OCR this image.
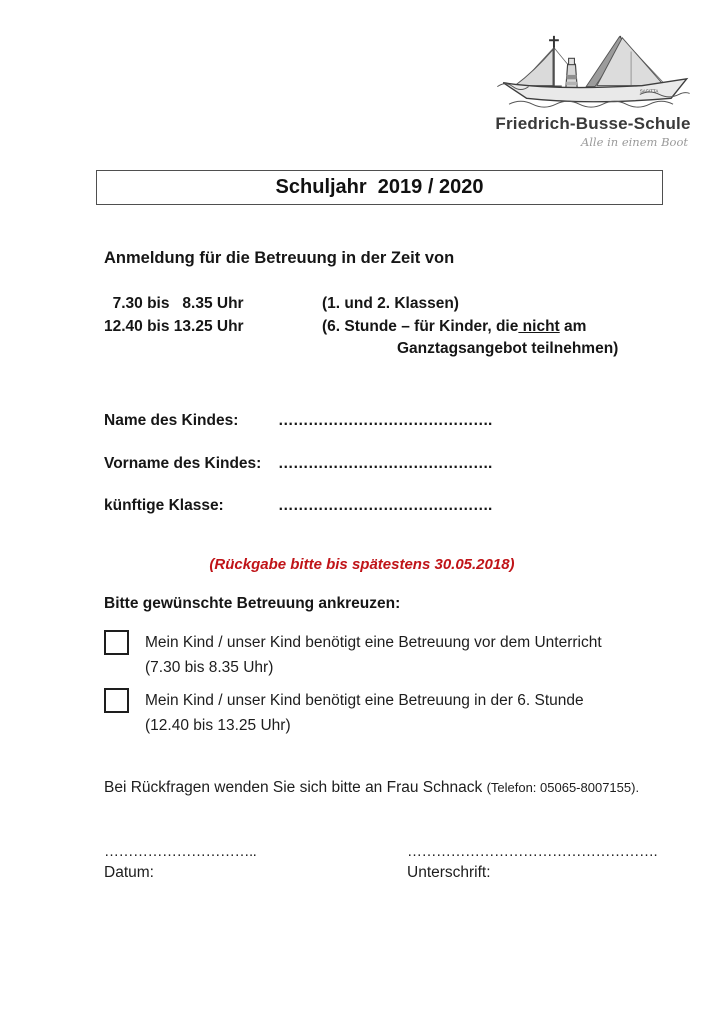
SAGITTA
Friedrich-Busse-Schule
Alle in einem Boot
Schuljahr  2019 / 2020
Anmeldung für die Betreuung in der Zeit von
7.30 bis   8.35 Uhr	(1. und 2. Klassen)
12.40 bis 13.25 Uhr	(6. Stunde – für Kinder, die nicht am
Ganztagsangebot teilnehmen)
Name des Kindes:	…………………………………….
Vorname des Kindes:	…………………………………….
künftige Klasse:	…………………………………….
(Rückgabe bitte bis spätestens 30.05.2018)
Bitte gewünschte Betreuung ankreuzen:
Mein Kind / unser Kind benötigt eine Betreuung vor dem Unterricht
(7.30 bis 8.35 Uhr)
Mein Kind / unser Kind benötigt eine Betreuung in der 6. Stunde
(12.40 bis 13.25 Uhr)
Bei Rückfragen wenden Sie sich bitte an Frau Schnack (Telefon: 05065-8007155).
…………………………..
Datum:
…………………………………………….
Unterschrift:
